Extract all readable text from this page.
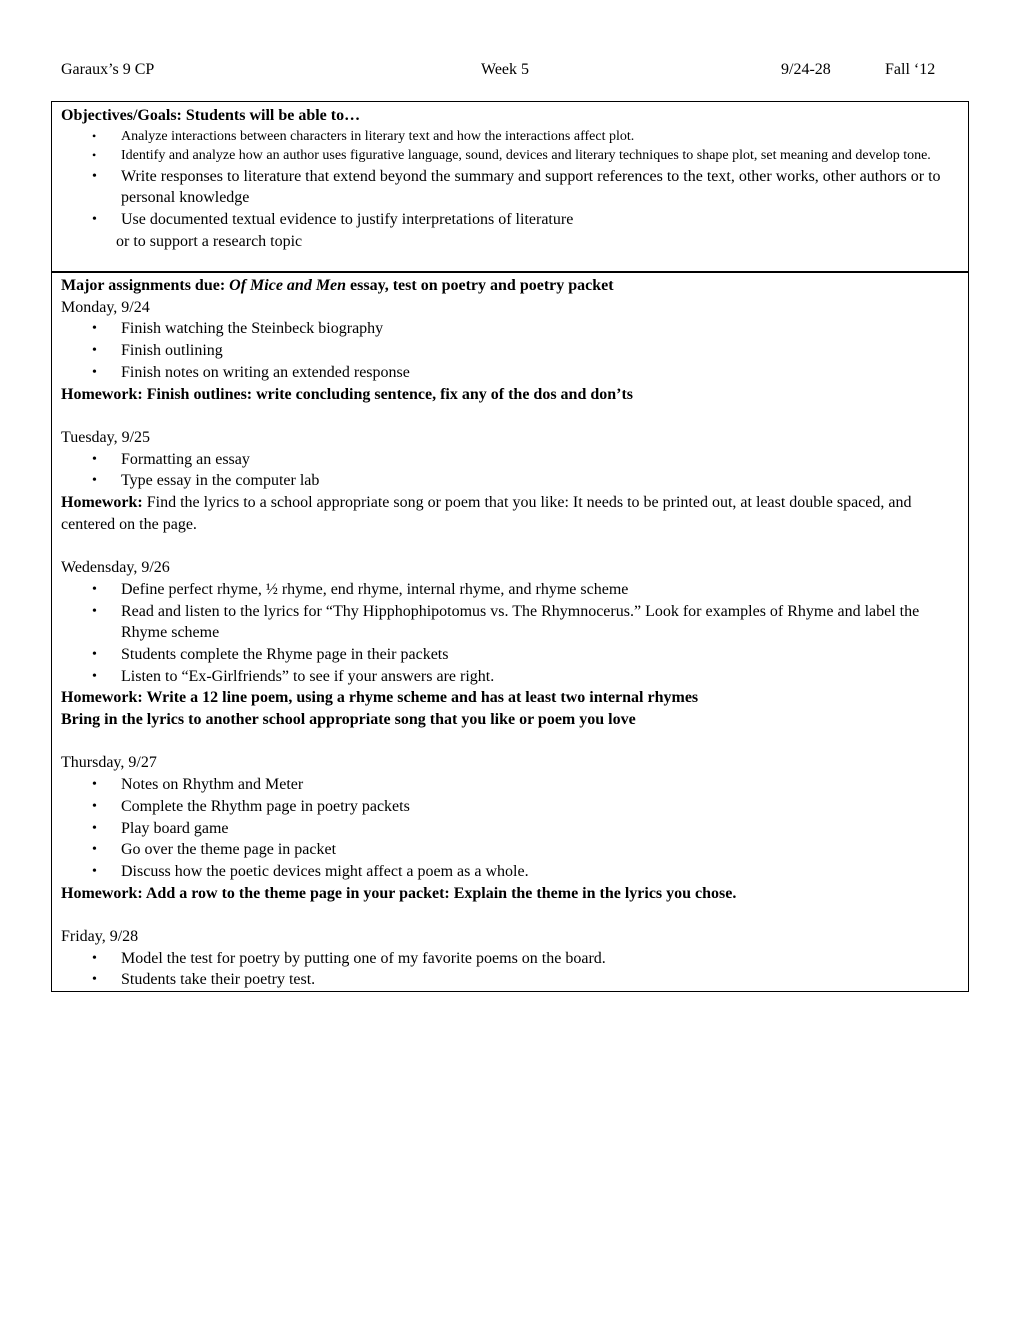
Garaux’s 9 CP	Week 5	9/24-28	Fall ‘12
Objectives/Goals: Students will be able to…
• Analyze interactions between characters in literary text and how the interactions affect plot.
• Identify and analyze how an author uses figurative language, sound, devices and literary techniques to shape plot, set meaning and develop tone.
• Write responses to literature that extend beyond the summary and support references to the text, other works, other authors or to personal knowledge
• Use documented textual evidence to justify interpretations of literature
or to support a research topic
Major assignments due: Of Mice and Men essay, test on poetry and poetry packet
Monday, 9/24
• Finish watching the Steinbeck biography
• Finish outlining
• Finish notes on writing an extended response
Homework: Finish outlines: write concluding sentence, fix any of the dos and don’ts
Tuesday, 9/25
• Formatting an essay
• Type essay in the computer lab
Homework: Find the lyrics to a school appropriate song or poem that you like: It needs to be printed out, at least double spaced, and centered on the page.
Wedensday, 9/26
• Define perfect rhyme, ½ rhyme, end rhyme, internal rhyme, and rhyme scheme
• Read and listen to the lyrics for “Thy Hipphophipotomus vs. The Rhymnocerus.” Look for examples of Rhyme and label the Rhyme scheme
• Students complete the Rhyme page in their packets
• Listen to “Ex-Girlfriends” to see if your answers are right.
Homework: Write a 12 line poem, using a rhyme scheme and has at least two internal rhymes
Bring in the lyrics to another school appropriate song that you like or poem you love
Thursday, 9/27
• Notes on Rhythm and Meter
• Complete the Rhythm page in poetry packets
• Play board game
• Go over the theme page in packet
• Discuss how the poetic devices might affect a poem as a whole.
Homework: Add a row to the theme page in your packet: Explain the theme in the lyrics you chose.
Friday, 9/28
• Model the test for poetry by putting one of my favorite poems on the board.
• Students take their poetry test.
